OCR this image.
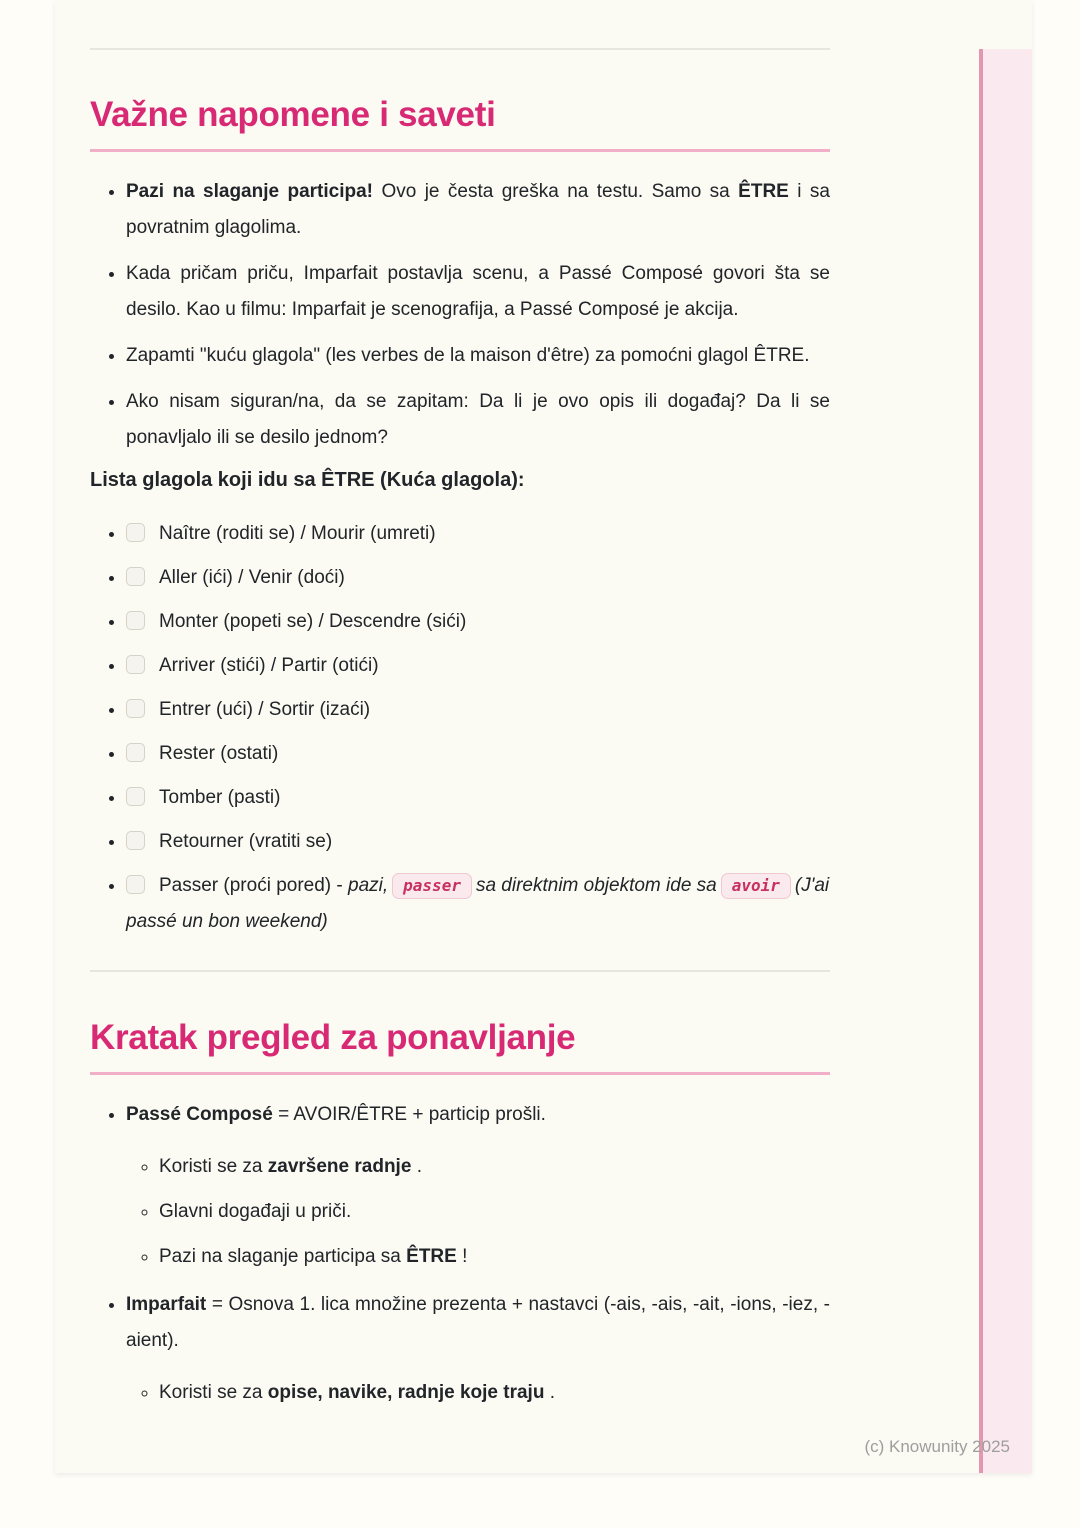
Važne napomene i saveti
• Pazi na slaganje participa! Ovo je česta greška na testu. Samo sa ÊTRE i sa povratnim glagolima.
• Kada pričam priču, Imparfait postavlja scenu, a Passé Composé govori šta se desilo. Kao u filmu: Imparfait je scenografija, a Passé Composé je akcija.
• Zapamti "kuću glagola" (les verbes de la maison d'être) za pomoćni glagol ÊTRE.
• Ako nisam siguran/na, da se zapitam: Da li je ovo opis ili događaj? Da li se ponavljalo ili se desilo jednom?
Lista glagola koji idu sa ÊTRE (Kuća glagola):
• Naître (roditi se) / Mourir (umreti)
• Aller (ići) / Venir (doći)
• Monter (popeti se) / Descendre (sići)
• Arriver (stići) / Partir (otići)
• Entrer (ući) / Sortir (izaći)
• Rester (ostati)
• Tomber (pasti)
• Retourner (vratiti se)
• Passer (proći pored) - pazi, passer sa direktnim objektom ide sa avoir (J'ai passé un bon weekend)
Kratak pregled za ponavljanje
• Passé Composé = AVOIR/ÊTRE + particip prošli.
◦ Koristi se za završene radnje .
◦ Glavni događaji u priči.
◦ Pazi na slaganje participa sa ÊTRE !
• Imparfait = Osnova 1. lica množine prezenta + nastavci (-ais, -ais, -ait, -ions, -iez, -aient).
◦ Koristi se za opise, navike, radnje koje traju .
(c) Knowunity 2025
